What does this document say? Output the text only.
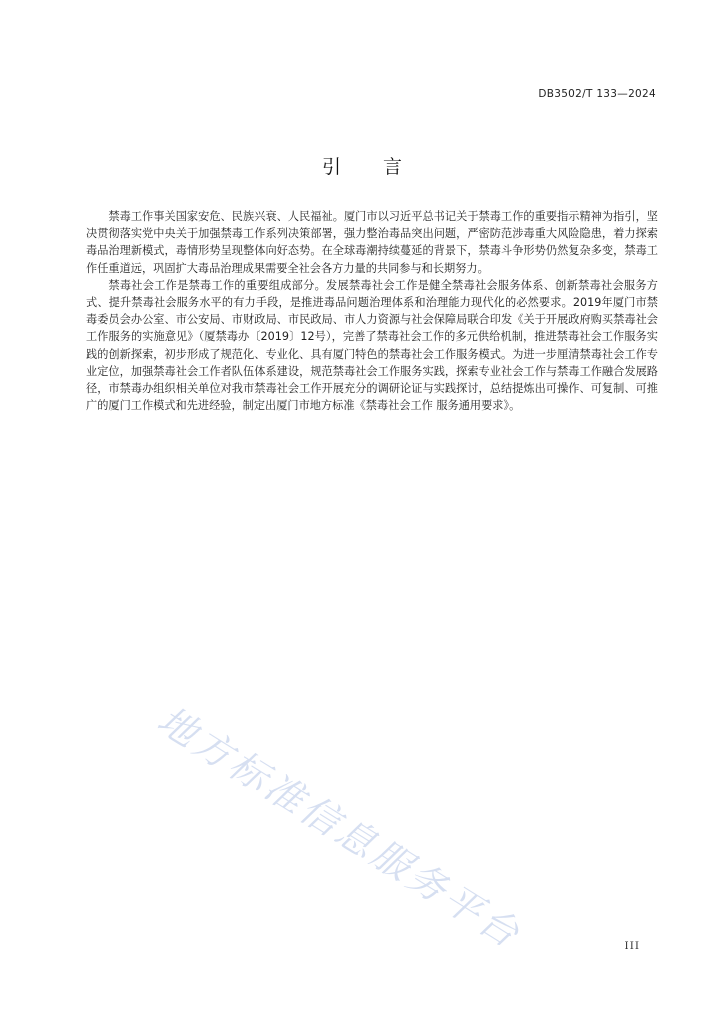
DB3502/T 133—2024
引言

禁毒工作事关国家安危、民族兴衰、人民福祉。厦门市以习近平总书记关于禁毒工作的重要指示精神为指引，坚决贯彻落实党中央关于加强禁毒工作系列决策部署，强力整治毒品突出问题，严密防范涉毒重大风险隐患，着力探索毒品治理新模式，毒情形势呈现整体向好态势。在全球毒潮持续蔓延的背景下，禁毒斗争形势仍然复杂多变，禁毒工作任重道远，巩固扩大毒品治理成果需要全社会各方力量的共同参与和长期努力。

禁毒社会工作是禁毒工作的重要组成部分。发展禁毒社会工作是健全禁毒社会服务体系、创新禁毒社会服务方式、提升禁毒社会服务水平的有力手段，是推进毒品问题治理体系和治理能力现代化的必然要求。2019年厦门市禁毒委员会办公室、市公安局、市财政局、市民政局、市人力资源与社会保障局联合印发《关于开展政府购买禁毒社会工作服务的实施意见》（厦禁毒办〔2019〕12号），完善了禁毒社会工作的多元供给机制，推进禁毒社会工作服务实践的创新探索，初步形成了规范化、专业化、具有厦门特色的禁毒社会工作服务模式。为进一步厘清禁毒社会工作专业定位，加强禁毒社会工作者队伍体系建设，规范禁毒社会工作服务实践，探索专业社会工作与禁毒工作融合发展路径，市禁毒办组织相关单位对我市禁毒社会工作开展充分的调研论证与实践探讨，总结提炼出可操作、可复制、可推广的厦门工作模式和先进经验，制定出厦门市地方标准《禁毒社会工作 服务通用要求》。

地方标准信息服务平台	III
